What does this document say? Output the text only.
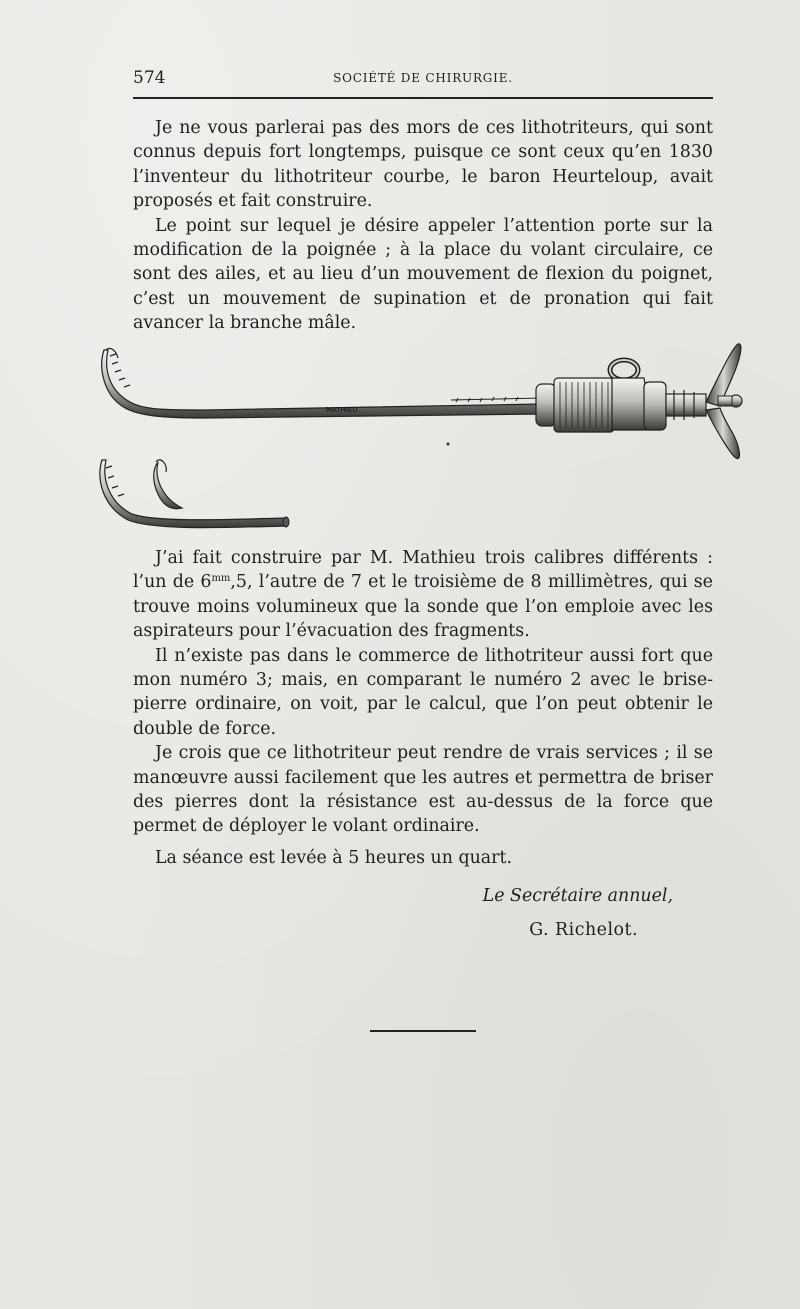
574	SOCIÉTÉ DE CHIRURGIE.

Je ne vous parlerai pas des mors de ces lithotriteurs, qui sont connus depuis fort longtemps, puisque ce sont ceux qu’en 1830 l’inventeur du lithotriteur courbe, le baron Heurteloup, avait proposés et fait construire.

Le point sur lequel je désire appeler l’attention porte sur la modification de la poignée ; à la place du volant circulaire, ce sont des ailes, et au lieu d’un mouvement de flexion du poignet, c’est un mouvement de supination et de pronation qui fait avancer la branche mâle.

MATHIEU

J’ai fait construire par M. Mathieu trois calibres différents : l’un de $6^{mm},5$, l’autre de 7 et le troisième de 8 millimètres, qui se trouve moins volumineux que la sonde que l’on emploie avec les aspirateurs pour l’évacuation des fragments.

Il n’existe pas dans le commerce de lithotriteur aussi fort que mon numéro 3; mais, en comparant le numéro 2 avec le brise-pierre ordinaire, on voit, par le calcul, que l’on peut obtenir le double de force.

Je crois que ce lithotriteur peut rendre de vrais services ; il se manœuvre aussi facilement que les autres et permettra de briser des pierres dont la résistance est au-dessus de la force que permet de déployer le volant ordinaire.

La séance est levée à 5 heures un quart.
Le Secrétaire annuel,
G. Richelot.
